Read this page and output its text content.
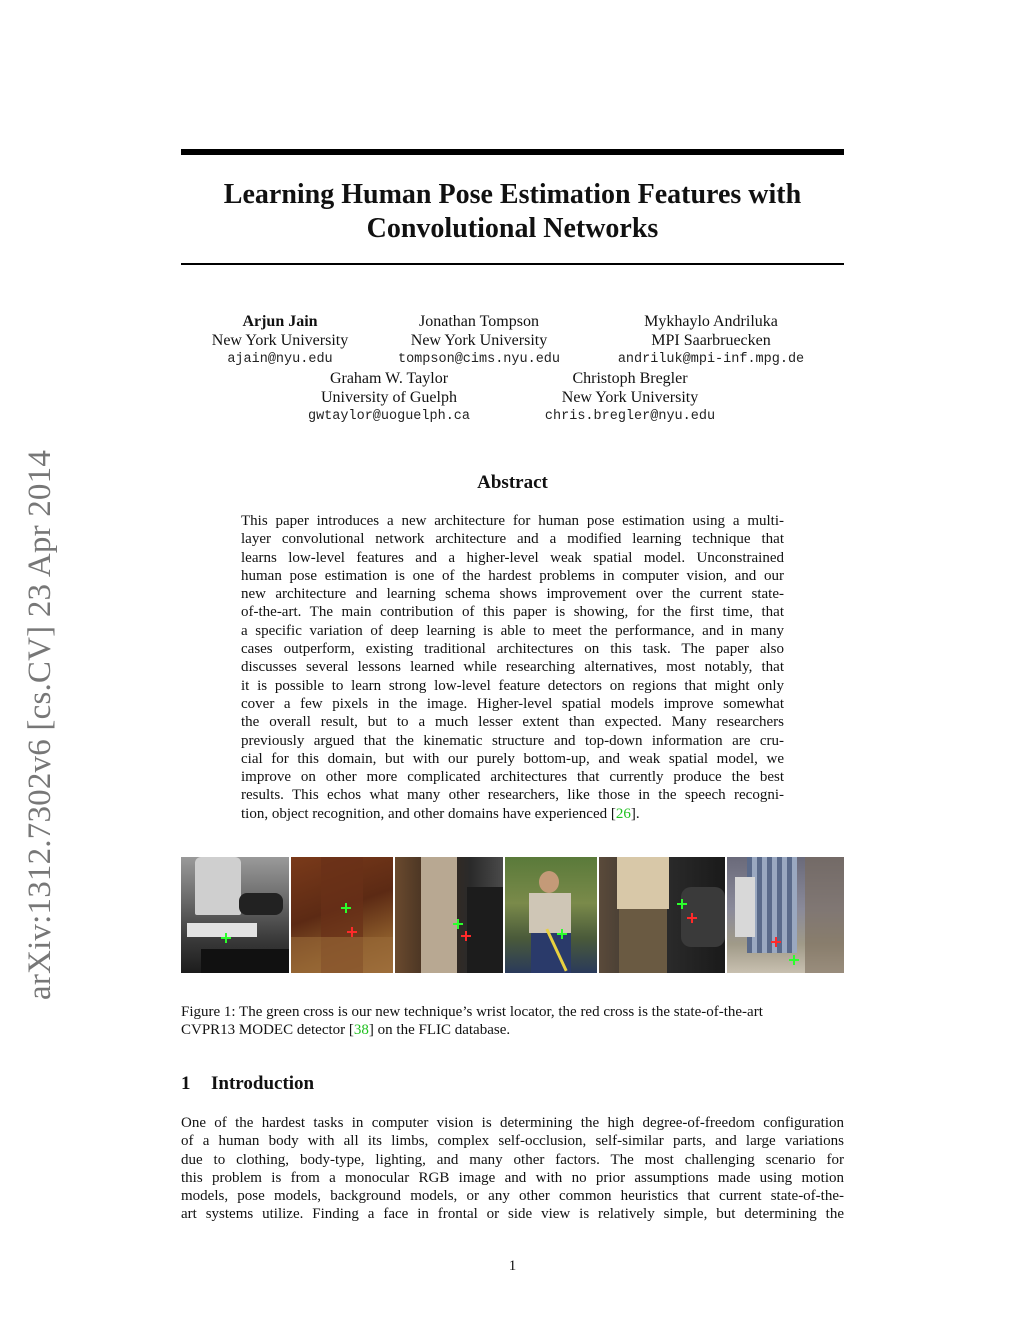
arXiv:1312.7302v6 [cs.CV] 23 Apr 2014
Learning Human Pose Estimation Features with
Convolutional Networks
Arjun Jain
New York University
ajain@nyu.edu
Jonathan Tompson
New York University
tompson@cims.nyu.edu
Mykhaylo Andriluka
MPI Saarbruecken
andriluk@mpi-inf.mpg.de
Graham W. Taylor
University of Guelph
gwtaylor@uoguelph.ca
Christoph Bregler
New York University
chris.bregler@nyu.edu
Abstract
This paper introduces a new architecture for human pose estimation using a multi-
layer convolutional network architecture and a modified learning technique that
learns low-level features and a higher-level weak spatial model. Unconstrained
human pose estimation is one of the hardest problems in computer vision, and our
new architecture and learning schema shows improvement over the current state-
of-the-art. The main contribution of this paper is showing, for the first time, that
a specific variation of deep learning is able to meet the performance, and in many
cases outperform, existing traditional architectures on this task. The paper also
discusses several lessons learned while researching alternatives, most notably, that
it is possible to learn strong low-level feature detectors on regions that might only
cover a few pixels in the image. Higher-level spatial models improve somewhat
the overall result, but to a much lesser extent than expected. Many researchers
previously argued that the kinematic structure and top-down information are cru-
cial for this domain, but with our purely bottom-up, and weak spatial model, we
improve on other more complicated architectures that currently produce the best
results. This echos what many other researchers, like those in the speech recogni-
tion, object recognition, and other domains have experienced [26].
Figure 1: The green cross is our new technique’s wrist locator, the red cross is the state-of-the-art
CVPR13 MODEC detector [38] on the FLIC database.
1 Introduction
One of the hardest tasks in computer vision is determining the high degree-of-freedom configuration
of a human body with all its limbs, complex self-occlusion, self-similar parts, and large variations
due to clothing, body-type, lighting, and many other factors. The most challenging scenario for
this problem is from a monocular RGB image and with no prior assumptions made using motion
models, pose models, background models, or any other common heuristics that current state-of-the-
art systems utilize. Finding a face in frontal or side view is relatively simple, but determining the
1
